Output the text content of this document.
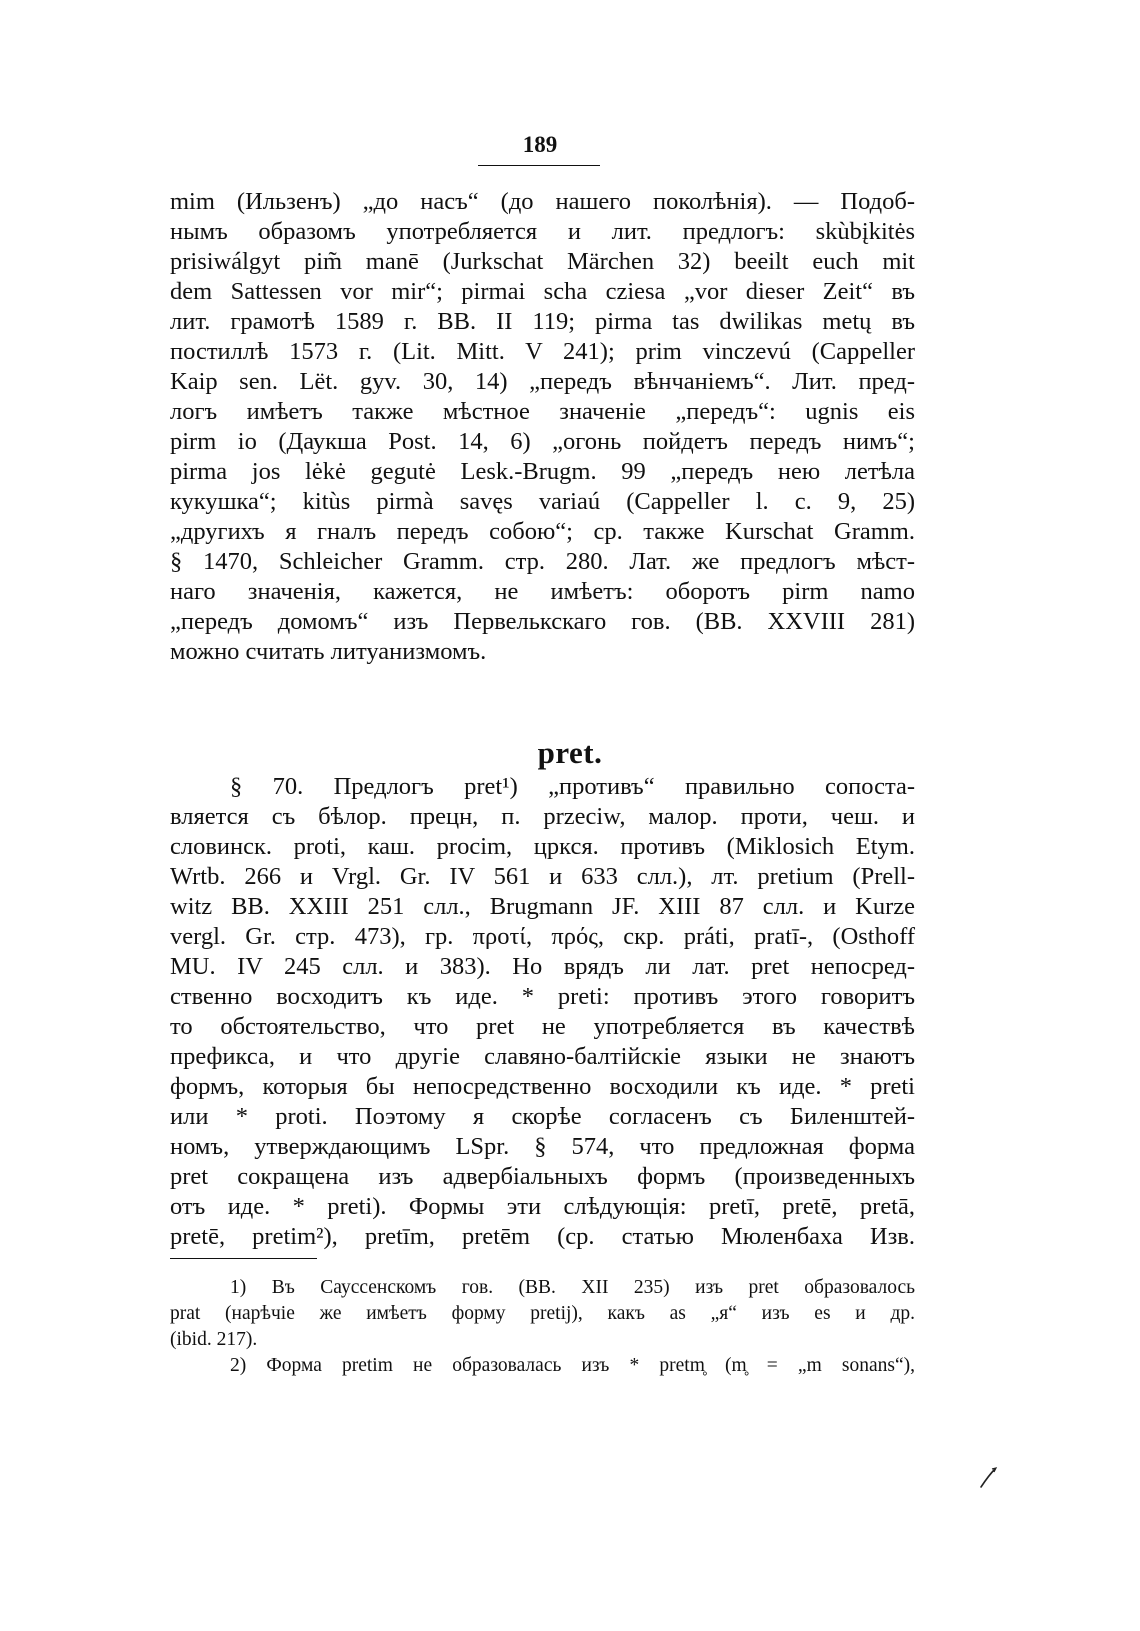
189
mim (Ильзенъ) „до насъ“ (до нашего поколѣнія). — Подоб-
нымъ образомъ употребляется и лит. предлогъ: skùbįkitės
prisiwálgyt pim̃ manē (Jurkschat Märchen 32) beeilt euch mit
dem Sattessen vor mir“; pirmai scha cziesa „vor dieser Zeit“ въ
лит. грамотѣ 1589 г. BB. II 119; pirma tas dwilikas metų въ
постиллѣ 1573 г. (Lit. Mitt. V 241); prim vinczevú (Cappeller
Kaip sen. Lët. gyv. 30, 14) „передъ вѣнчаніемъ“. Лит. пред-
логъ имѣетъ также мѣстное значеніе „передъ“: ugnis eis
pirm io (Даукша Post. 14, 6) „огонь пойдетъ передъ нимъ“;
pirma jos lėkė gegutė Lesk.-Brugm. 99 „передъ нею летѣла
кукушка“; kitùs pirmà savęs variaú (Cappeller l. c. 9, 25)
„другихъ я гналъ передъ собою“; ср. также Kurschat Gramm.
§ 1470, Schleicher Gramm. стр. 280. Лат. же предлогъ мѣст-
наго значенія, кажется, не имѣетъ: оборотъ pirm namo
„передъ домомъ“ изъ Первелькскаго гов. (BB. XXVIII 281)
можно считать литуанизмомъ.
pret.
§ 70. Предлогъ pret¹) „противъ“ правильно сопоста-
вляется съ бѣлор. прецн, п. przeciw, малор. проти, чеш. и
словинск. proti, каш. procim, цркся. противъ (Miklosich Etym.
Wrtb. 266 и Vrgl. Gr. IV 561 и 633 слл.), лт. pretium (Prell-
witz BB. XXIII 251 слл., Brugmann JF. XIII 87 слл. и Kurze
vergl. Gr. стр. 473), гр. προτί, πρός, скр. práti, pratī-, (Osthoff
MU. IV 245 слл. и 383). Но врядъ ли лат. pret непосред-
ственно восходитъ къ иде. * preti: противъ этого говоритъ
то обстоятельство, что pret не употребляется въ качествѣ
префикса, и что другіе славяно-балтійскіе языки не знаютъ
формъ, которыя бы непосредственно восходили къ иде. * preti
или * proti. Поэтому я скорѣе согласенъ съ Биленштей-
номъ, утверждающимъ LSpr. § 574, что предложная форма
pret сокращена изъ адвербіальныхъ формъ (произведенныхъ
отъ иде. * preti). Формы эти слѣдующія: pretī, pretē, pretā,
pretē, pretim²), pretīm, pretēm (ср. статью Мюленбаха Изв.
1) Въ Сауссенскомъ гов. (BB. XII 235) изъ pret образовалось
prat (нарѣчіе же имѣетъ форму pretij), какъ as „я“ изъ es и др.
(ibid. 217).
2) Форма pretim не образовалась изъ * pretm̥ (m̥ = „m sonans“),
